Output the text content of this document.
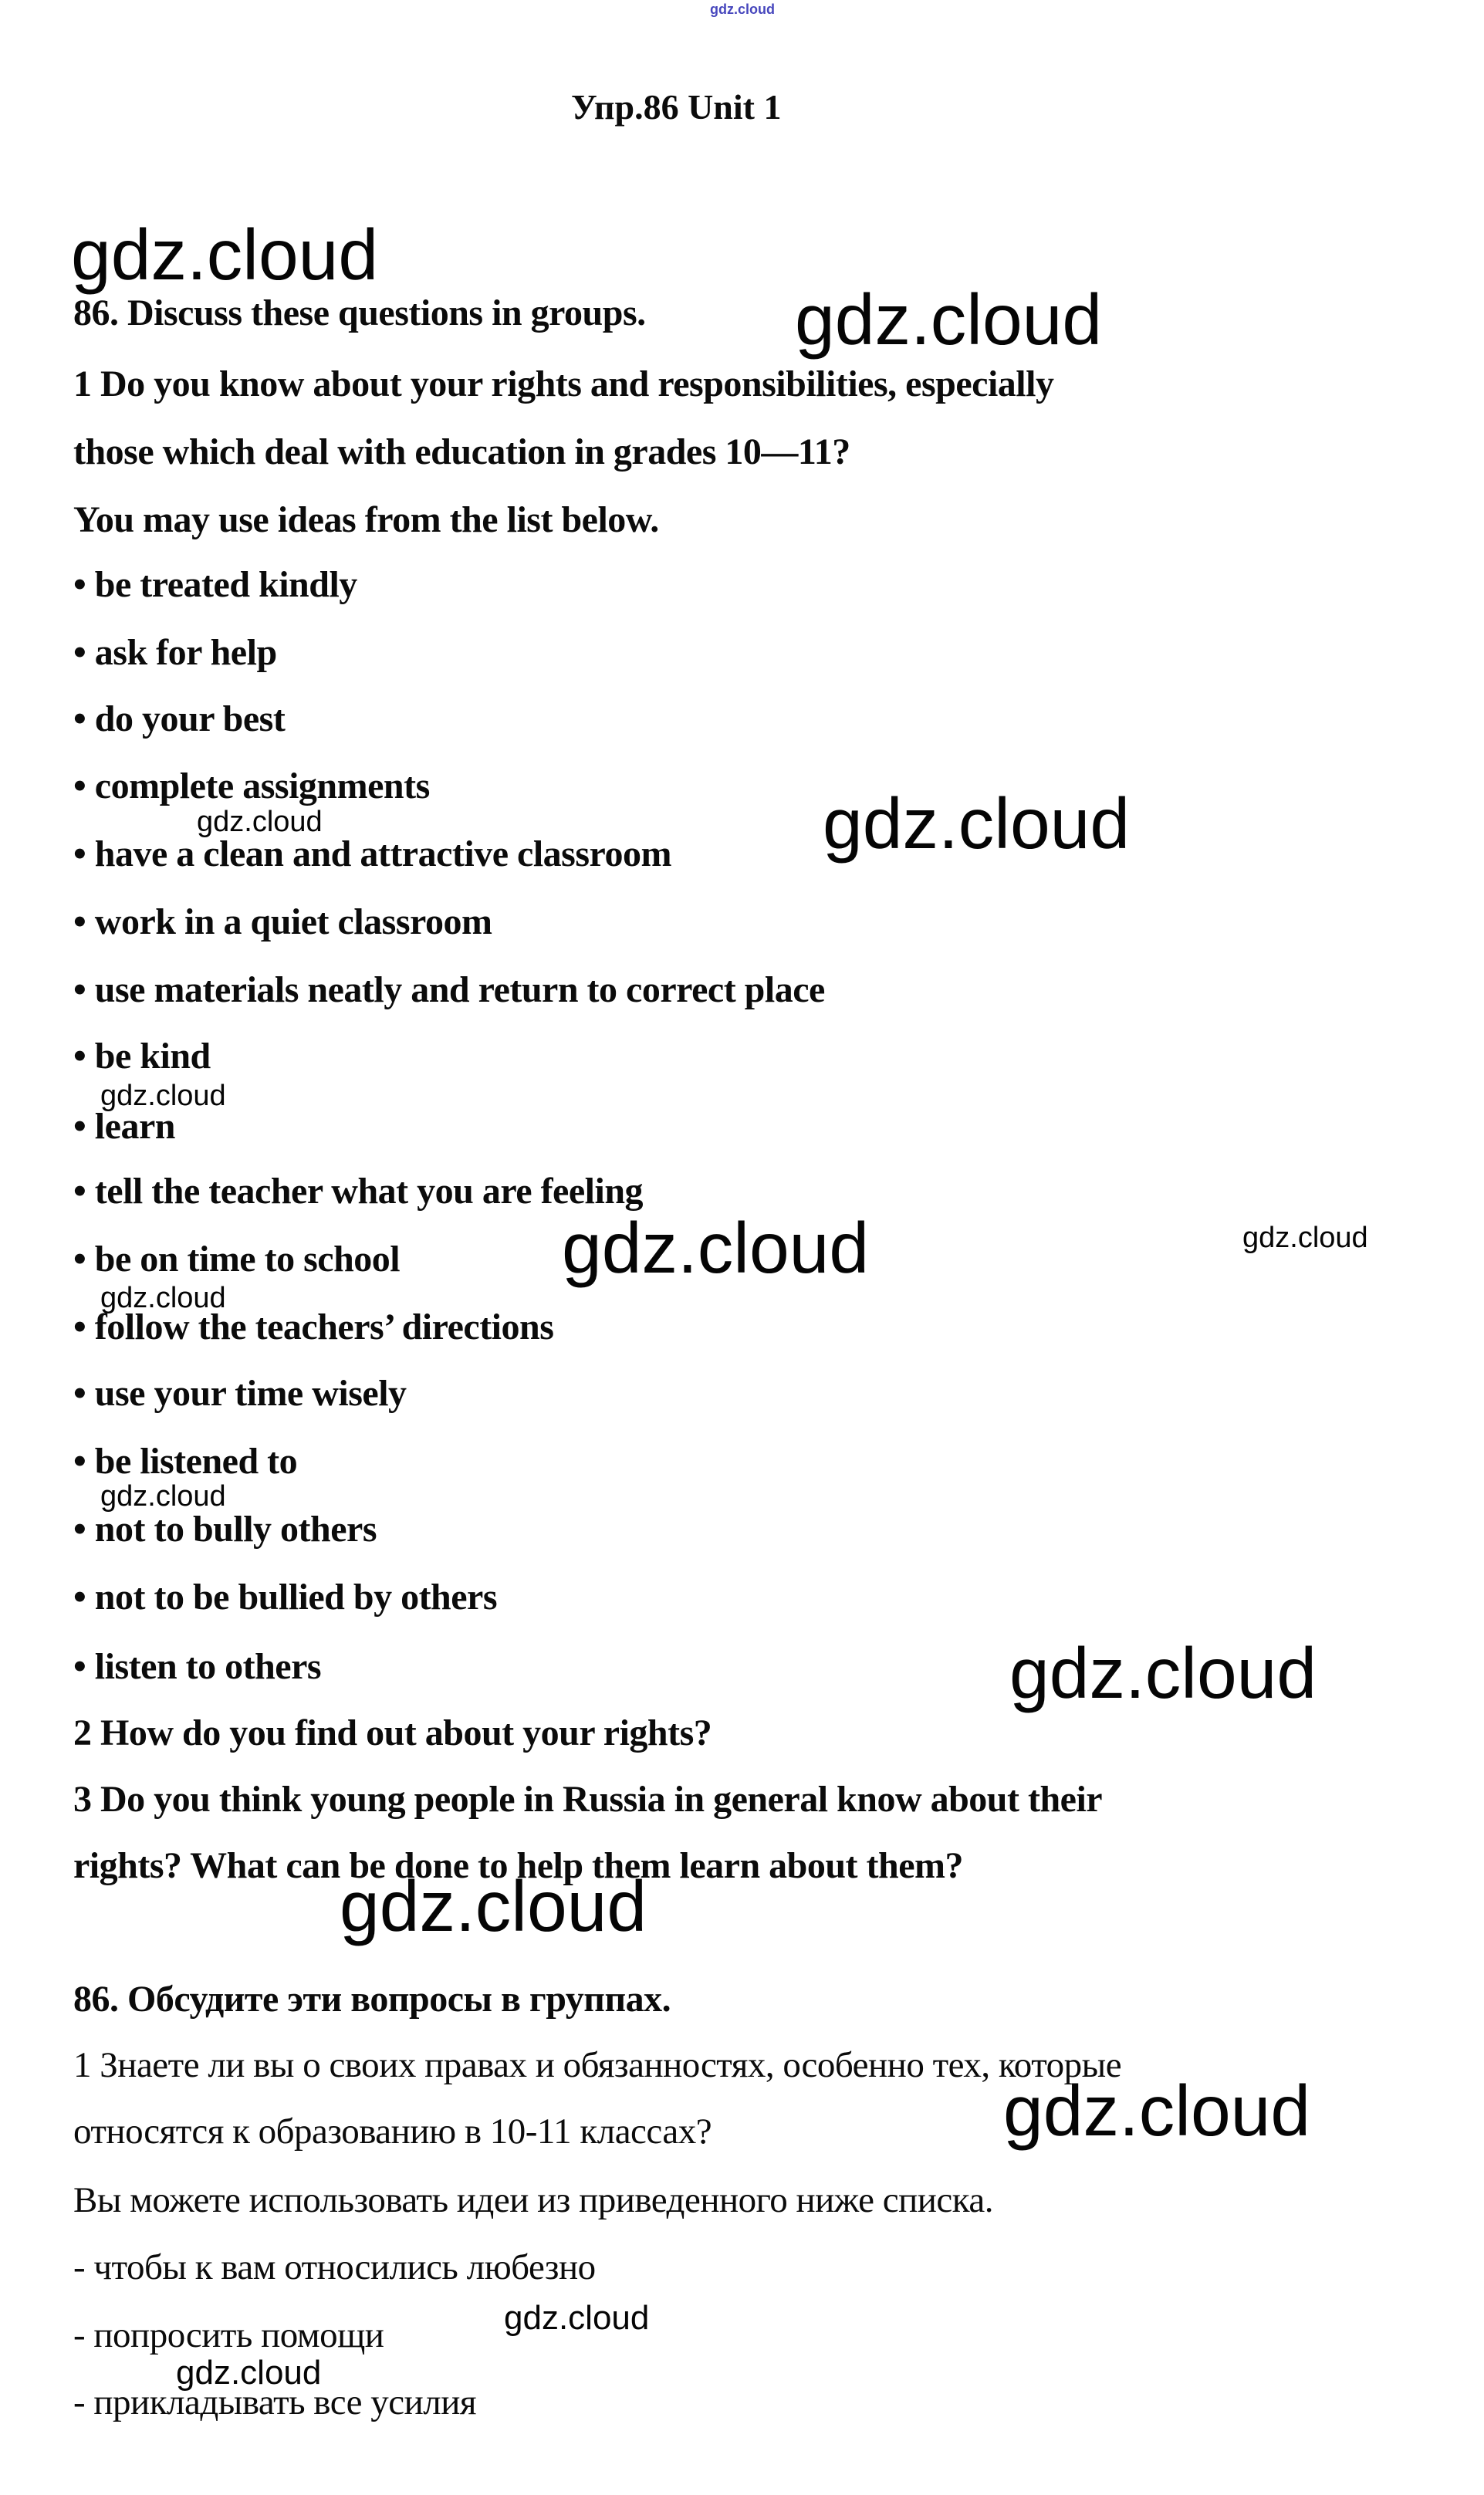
gdz.cloud
Упр.86 Unit 1
gdz.cloud
86. Discuss these questions in groups. gdz.cloud
1 Do you know about your rights and responsibilities, especially
those which deal with education in grades 10—11?
You may use ideas from the list below.
• be treated kindly
• ask for help
• do your best
• complete assignments
gdz.cloud
• have a clean and attractive classroom gdz.cloud
• work in a quiet classroom
• use materials neatly and return to correct place
• be kind
gdz.cloud
• learn
• tell the teacher what you are feeling
• be on time to school gdz.cloud	gdz.cloud
gdz.cloud
• follow the teachers’ directions
• use your time wisely
• be listened to
gdz.cloud
• not to bully others
• not to be bullied by others
• listen to others	gdz.cloud
2 How do you find out about your rights?
3 Do you think young people in Russia in general know about their
rights? What can be done to help them learn about them?
gdz.cloud
86. Обсудите эти вопросы в группах.
1 Знаете ли вы о своих правах и обязанностях, особенно тех, которые
относятся к образованию в 10-11 классах?	gdz.cloud
Вы можете использовать идеи из приведенного ниже списка.
- чтобы к вам относились любезно
- попросить помощи	gdz.cloud
gdz.cloud
- прикладывать все усилия
